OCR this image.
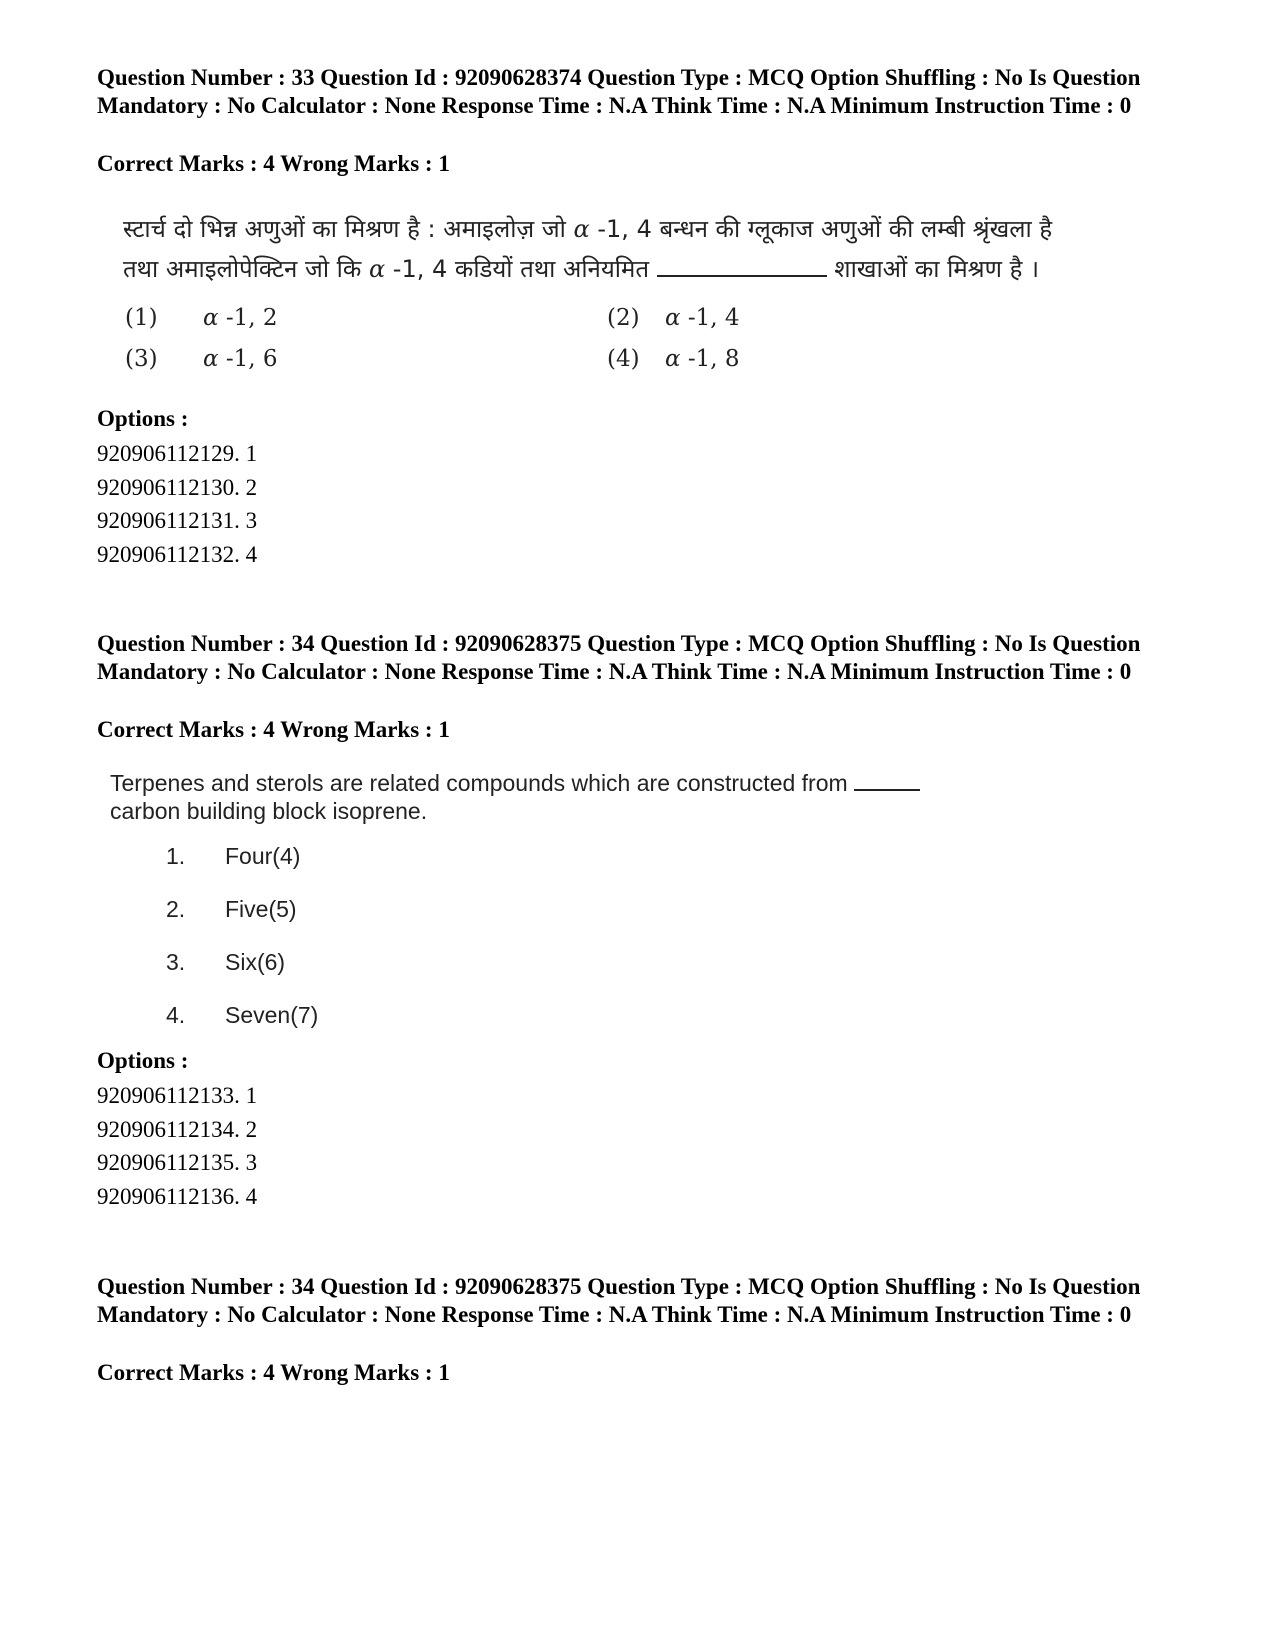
Question Number : 33 Question Id : 92090628374 Question Type : MCQ Option Shuffling : No Is Question Mandatory : No Calculator : None Response Time : N.A Think Time : N.A Minimum Instruction Time : 0
Correct Marks : 4 Wrong Marks : 1
स्टार्च दो भिन्न अणुओं का मिश्रण है : अमाइलोज़ जो α -1, 4 बन्धन की ग्लूकाज अणुओं की लम्बी श्रृंखला है
तथा अमाइलोपेक्टिन जो कि α -1, 4 कडियों तथा अनियमित	शाखाओं का मिश्रण है ।
(1) α -1, 2	(2) α -1, 4
(3) α -1, 6	(4) α -1, 8
Options :
920906112129. 1
920906112130. 2
920906112131. 3
920906112132. 4
Question Number : 34 Question Id : 92090628375 Question Type : MCQ Option Shuffling : No Is Question Mandatory : No Calculator : None Response Time : N.A Think Time : N.A Minimum Instruction Time : 0
Correct Marks : 4 Wrong Marks : 1
Terpenes and sterols are related compounds which are constructed from
carbon building block isoprene.
1. Four(4)
2. Five(5)
3. Six(6)
4. Seven(7)
Options :
920906112133. 1
920906112134. 2
920906112135. 3
920906112136. 4
Question Number : 34 Question Id : 92090628375 Question Type : MCQ Option Shuffling : No Is Question Mandatory : No Calculator : None Response Time : N.A Think Time : N.A Minimum Instruction Time : 0
Correct Marks : 4 Wrong Marks : 1
